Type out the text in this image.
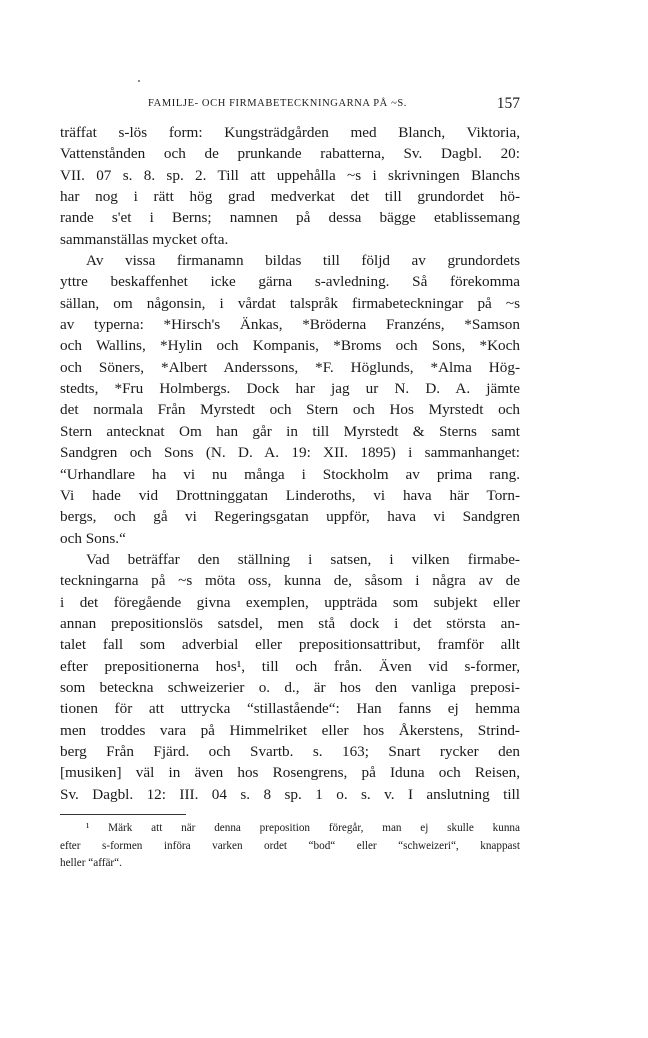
FAMILJE- OCH FIRMABETECKNINGARNA PÅ ~S.	157
träffat s-lös form: Kungsträdgården med Blanch, Viktoria,
Vattenstånden och de prunkande rabatterna, Sv. Dagbl. 20:
VII. 07 s. 8. sp. 2. Till att uppehålla ~s i skrivningen Blanchs
har nog i rätt hög grad medverkat det till grundordet hö-
rande s'et i Berns; namnen på dessa bägge etablissemang
sammanställas mycket ofta.
Av vissa firmanamn bildas till följd av grundordets
yttre beskaffenhet icke gärna s-avledning. Så förekomma
sällan, om någonsin, i vårdat talspråk firmabeteckningar på ~s
av typerna: *Hirsch's Änkas, *Bröderna Franzéns, *Samson
och Wallins, *Hylin och Kompanis, *Broms och Sons, *Koch
och Söners, *Albert Anderssons, *F. Höglunds, *Alma Hög-
stedts, *Fru Holmbergs. Dock har jag ur N. D. A. jämte
det normala Från Myrstedt och Stern och Hos Myrstedt och
Stern antecknat Om han går in till Myrstedt & Sterns samt
Sandgren och Sons (N. D. A. 19: XII. 1895) i sammanhanget:
“Urhandlare ha vi nu många i Stockholm av prima rang.
Vi hade vid Drottninggatan Linderoths, vi hava här Torn-
bergs, och gå vi Regeringsgatan uppför, hava vi Sandgren
och Sons.“
Vad beträffar den ställning i satsen, i vilken firmabe-
teckningarna på ~s möta oss, kunna de, såsom i några av de
i det föregående givna exemplen, uppträda som subjekt eller
annan prepositionslös satsdel, men stå dock i det största an-
talet fall som adverbial eller prepositionsattribut, framför allt
efter prepositionerna hos¹, till och från. Även vid s-former,
som beteckna schweizerier o. d., är hos den vanliga preposi-
tionen för att uttrycka “stillastående“: Han fanns ej hemma
men troddes vara på Himmelriket eller hos Åkerstens, Strind-
berg Från Fjärd. och Svartb. s. 163; Snart rycker den
[musiken] väl in även hos Rosengrens, på Iduna och Reisen,
Sv. Dagbl. 12: III. 04 s. 8 sp. 1 o. s. v. I anslutning till
¹ Märk att när denna preposition föregår, man ej skulle kunna
efter s-formen införa varken ordet “bod“ eller “schweizeri“, knappast
heller “affär“.
